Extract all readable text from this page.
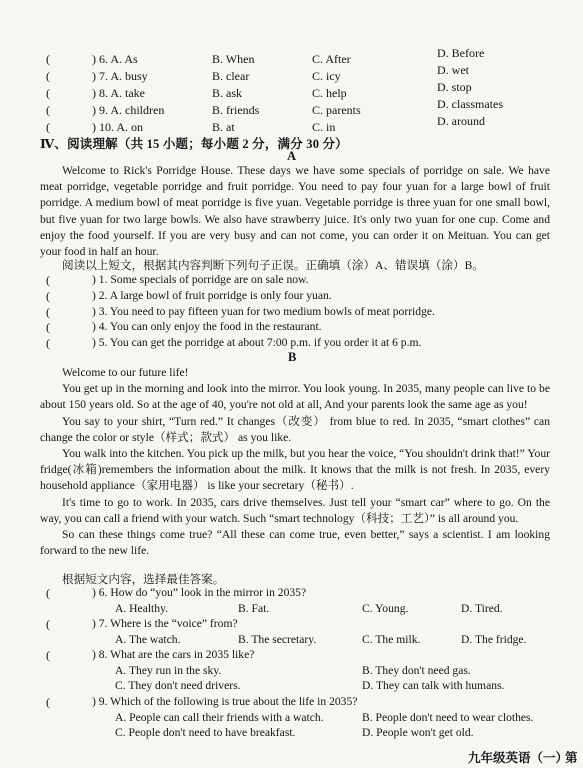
(	) 6. A. As	B. When	C. After	D. Before
(	) 7. A. busy	B. clear	C. icy	D. wet
(	) 8. A. take	B. ask	C. help	D. stop
(	) 9. A. children	B. friends	C. parents	D. classmates
(	) 10. A. on	B. at	C. in	D. around
Ⅳ、阅读理解（共 15 小题；每小题 2 分，满分 30 分）
A

Welcome to Rick's Porridge House. These days we have some specials of porridge on sale. We have meat porridge, vegetable porridge and fruit porridge. You need to pay four yuan for a large bowl of fruit porridge. A medium bowl of meat porridge is five yuan. Vegetable porridge is three yuan for one small bowl, but five yuan for two large bowls. We also have strawberry juice. It's only two yuan for one cup. Come and enjoy the food yourself. If you are very busy and can not come, you can order it on Meituan. You can get your food in half an hour.

阅读以上短文，根据其内容判断下列句子正误。正确填（涂）A、错误填（涂）B。
(	) 1. Some specials of porridge are on sale now.
(	) 2. A large bowl of fruit porridge is only four yuan.
(	) 3. You need to pay fifteen yuan for two medium bowls of meat porridge.
(	) 4. You can only enjoy the food in the restaurant.
(	) 5. You can get the porridge at about 7:00 p.m. if you order it at 6 p.m.
B

Welcome to our future life!

You get up in the morning and look into the mirror. You look young. In 2035, many people can live to be about 150 years old. So at the age of 40, you're not old at all, And your parents look the same age as you!

You say to your shirt, “Turn red.” It changes（改变） from blue to red. In 2035, “smart clothes” can change the color or style（样式；款式） as you like.

You walk into the kitchen. You pick up the milk, but you hear the voice, “You shouldn't drink that!” Your fridge(冰箱)remembers the information about the milk. It knows that the milk is not fresh. In 2035, every household appliance（家用电器） is like your secretary（秘书）.

It's time to go to work. In 2035, cars drive themselves. Just tell your “smart car” where to go. On the way, you can call a friend with your watch. Such “smart technology（科技；工艺）” is all around you.

So can these things come true? “All these can come true, even better,” says a scientist. I am looking forward to the new life.

根据短文内容，选择最佳答案。
(	) 6. How do “you” look in the mirror in 2035?
A. Healthy.	B. Fat.	C. Young.	D. Tired.
(	) 7. Where is the “voice” from?
A. The watch.	B. The secretary.	C. The milk.	D. The fridge.
(	) 8. What are the cars in 2035 like?
A. They run in the sky.	B. They don't need gas.
C. They don't need drivers.	D. They can talk with humans.
(	) 9. Which of the following is true about the life in 2035?
A. People can call their friends with a watch.	B. People don't need to wear clothes.
C. People don't need to have breakfast.	D. People won't get old.
九年级英语（一）
第
